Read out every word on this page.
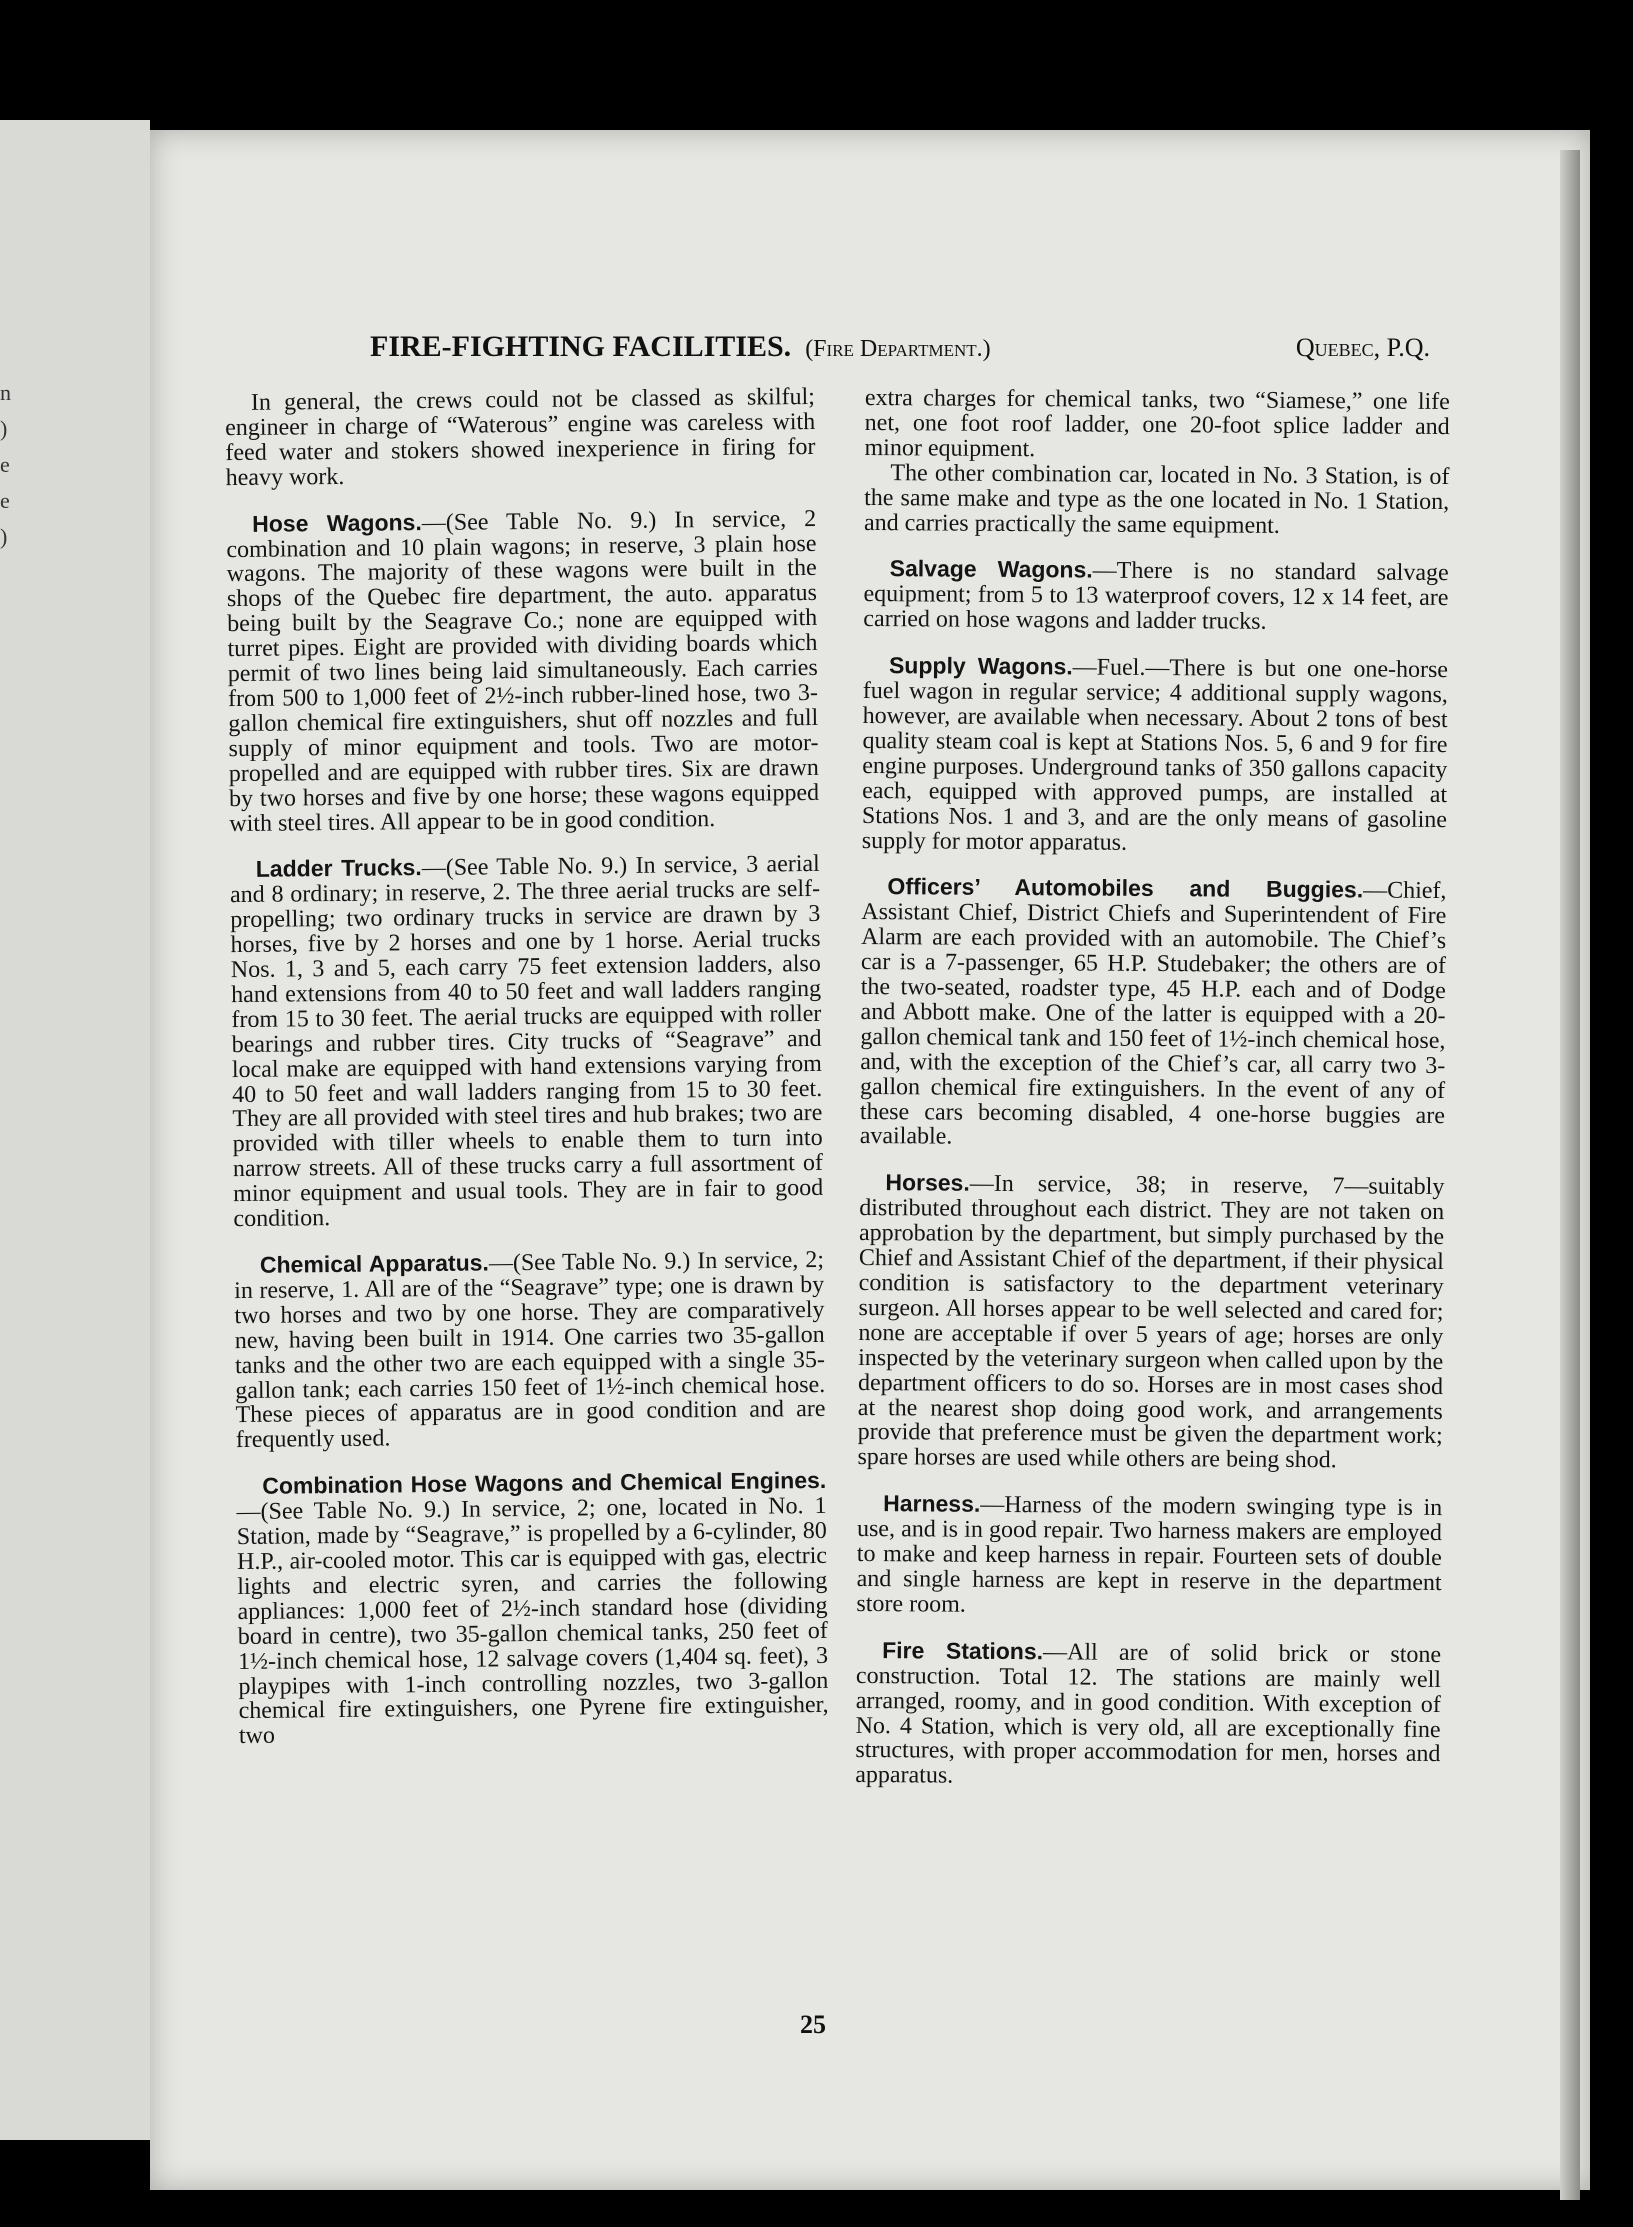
n ) e e )
FIRE-FIGHTING FACILITIES. (Fire Department.)	Quebec, P.Q.

In general, the crews could not be classed as skilful; engineer in charge of “Waterous” engine was careless with feed water and stokers showed inexperience in firing for heavy work.

Hose Wagons.—(See Table No. 9.) In service, 2 combination and 10 plain wagons; in reserve, 3 plain hose wagons. The majority of these wagons were built in the shops of the Quebec fire department, the auto. apparatus being built by the Seagrave Co.; none are equipped with turret pipes. Eight are provided with dividing boards which permit of two lines being laid simultaneously. Each carries from 500 to 1,000 feet of 2½-inch rubber-lined hose, two 3-gallon chemical fire extinguishers, shut off nozzles and full supply of minor equipment and tools. Two are motor-propelled and are equipped with rubber tires. Six are drawn by two horses and five by one horse; these wagons equipped with steel tires. All appear to be in good condition.

Ladder Trucks.—(See Table No. 9.) In service, 3 aerial and 8 ordinary; in reserve, 2. The three aerial trucks are self-propelling; two ordinary trucks in service are drawn by 3 horses, five by 2 horses and one by 1 horse. Aerial trucks Nos. 1, 3 and 5, each carry 75 feet extension ladders, also hand extensions from 40 to 50 feet and wall ladders ranging from 15 to 30 feet. The aerial trucks are equipped with roller bearings and rubber tires. City trucks of “Seagrave” and local make are equipped with hand extensions varying from 40 to 50 feet and wall ladders ranging from 15 to 30 feet. They are all provided with steel tires and hub brakes; two are provided with tiller wheels to enable them to turn into narrow streets. All of these trucks carry a full assortment of minor equipment and usual tools. They are in fair to good condition.

Chemical Apparatus.—(See Table No. 9.) In service, 2; in reserve, 1. All are of the “Seagrave” type; one is drawn by two horses and two by one horse. They are comparatively new, having been built in 1914. One carries two 35-gallon tanks and the other two are each equipped with a single 35-gallon tank; each carries 150 feet of 1½-inch chemical hose. These pieces of apparatus are in good condition and are frequently used.

Combination Hose Wagons and Chemical Engines.—(See Table No. 9.) In service, 2; one, located in No. 1 Station, made by “Seagrave,” is propelled by a 6-cylinder, 80 H.P., air-cooled motor. This car is equipped with gas, electric lights and electric syren, and carries the following appliances: 1,000 feet of 2½-inch standard hose (dividing board in centre), two 35-gallon chemical tanks, 250 feet of 1½-inch chemical hose, 12 salvage covers (1,404 sq. feet), 3 playpipes with 1-inch controlling nozzles, two 3-gallon chemical fire extinguishers, one Pyrene fire extinguisher, two

extra charges for chemical tanks, two “Siamese,” one life net, one foot roof ladder, one 20-foot splice ladder and minor equipment.

The other combination car, located in No. 3 Station, is of the same make and type as the one located in No. 1 Station, and carries practically the same equipment.

Salvage Wagons.—There is no standard salvage equipment; from 5 to 13 waterproof covers, 12 x 14 feet, are carried on hose wagons and ladder trucks.

Supply Wagons.—Fuel.—There is but one one-horse fuel wagon in regular service; 4 additional supply wagons, however, are available when necessary. About 2 tons of best quality steam coal is kept at Stations Nos. 5, 6 and 9 for fire engine purposes. Underground tanks of 350 gallons capacity each, equipped with approved pumps, are installed at Stations Nos. 1 and 3, and are the only means of gasoline supply for motor apparatus.

Officers’ Automobiles and Buggies.—Chief, Assistant Chief, District Chiefs and Superintendent of Fire Alarm are each provided with an automobile. The Chief’s car is a 7-passenger, 65 H.P. Studebaker; the others are of the two-seated, roadster type, 45 H.P. each and of Dodge and Abbott make. One of the latter is equipped with a 20-gallon chemical tank and 150 feet of 1½-inch chemical hose, and, with the exception of the Chief’s car, all carry two 3-gallon chemical fire extinguishers. In the event of any of these cars becoming disabled, 4 one-horse buggies are available.

Horses.—In service, 38; in reserve, 7—suitably distributed throughout each district. They are not taken on approbation by the department, but simply purchased by the Chief and Assistant Chief of the department, if their physical condition is satisfactory to the department veterinary surgeon. All horses appear to be well selected and cared for; none are acceptable if over 5 years of age; horses are only inspected by the veterinary surgeon when called upon by the department officers to do so. Horses are in most cases shod at the nearest shop doing good work, and arrangements provide that preference must be given the department work; spare horses are used while others are being shod.

Harness.—Harness of the modern swinging type is in use, and is in good repair. Two harness makers are employed to make and keep harness in repair. Fourteen sets of double and single harness are kept in reserve in the department store room.

Fire Stations.—All are of solid brick or stone construction. Total 12. The stations are mainly well arranged, roomy, and in good condition. With exception of No. 4 Station, which is very old, all are exceptionally fine structures, with proper accommodation for men, horses and apparatus.

25
